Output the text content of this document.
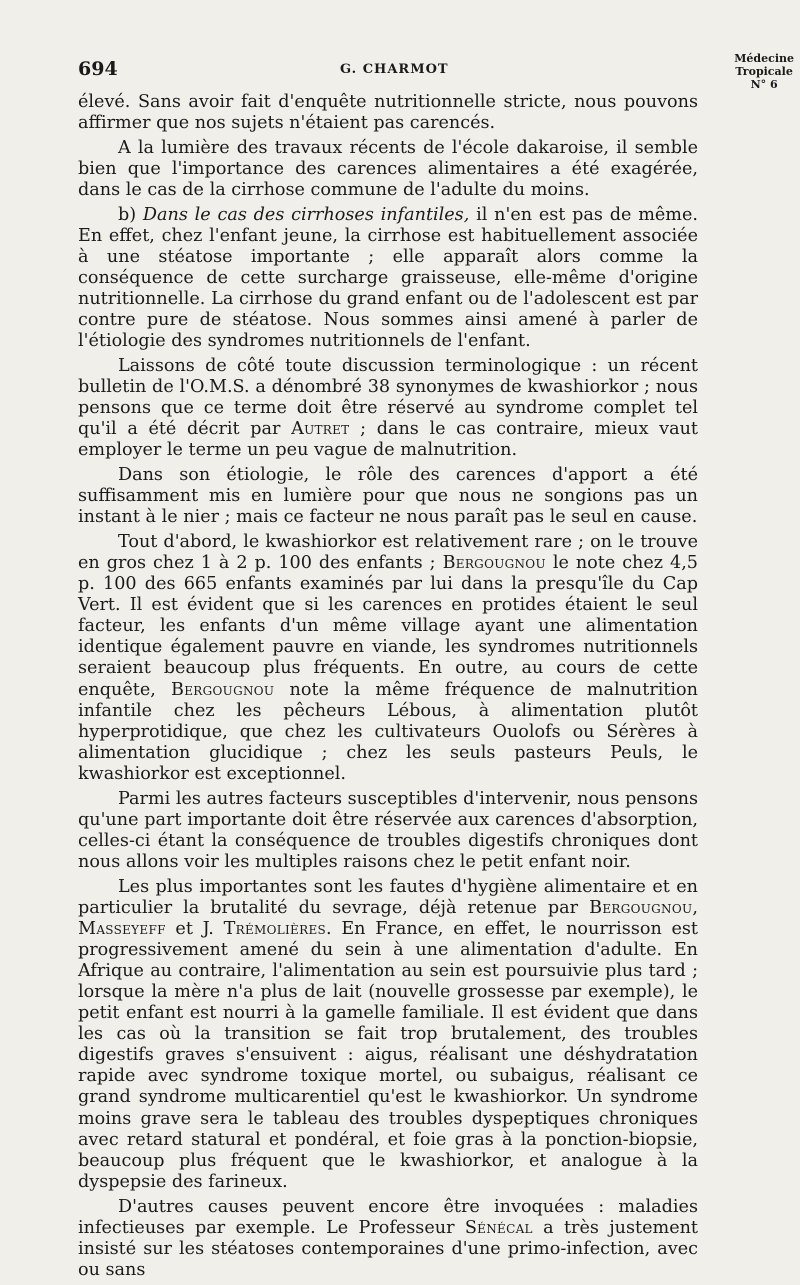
694	G. CHARMOT
Médecine
Tropicale
N° 6

élevé. Sans avoir fait d'enquête nutritionnelle stricte, nous pouvons affirmer que nos sujets n'étaient pas carencés.

A la lumière des travaux récents de l'école dakaroise, il semble bien que l'importance des carences alimentaires a été exagérée, dans le cas de la cirrhose commune de l'adulte du moins.

b) Dans le cas des cirrhoses infantiles, il n'en est pas de même. En effet, chez l'enfant jeune, la cirrhose est habituellement associée à une stéatose importante ; elle apparaît alors comme la conséquence de cette surcharge graisseuse, elle-même d'origine nutritionnelle. La cirrhose du grand enfant ou de l'adolescent est par contre pure de stéatose. Nous sommes ainsi amené à parler de l'étiologie des syndromes nutritionnels de l'enfant.

Laissons de côté toute discussion terminologique : un récent bulletin de l'O.M.S. a dénombré 38 synonymes de kwashiorkor ; nous pensons que ce terme doit être réservé au syndrome complet tel qu'il a été décrit par Autret ; dans le cas contraire, mieux vaut employer le terme un peu vague de malnutrition.

Dans son étiologie, le rôle des carences d'apport a été suffisamment mis en lumière pour que nous ne songions pas un instant à le nier ; mais ce facteur ne nous paraît pas le seul en cause.

Tout d'abord, le kwashiorkor est relativement rare ; on le trouve en gros chez 1 à 2 p. 100 des enfants ; Bergougnou le note chez 4,5 p. 100 des 665 enfants examinés par lui dans la presqu'île du Cap Vert. Il est évident que si les carences en protides étaient le seul facteur, les enfants d'un même village ayant une alimentation identique également pauvre en viande, les syndromes nutritionnels seraient beaucoup plus fréquents. En outre, au cours de cette enquête, Bergougnou note la même fréquence de malnutrition infantile chez les pêcheurs Lébous, à alimentation plutôt hyperprotidique, que chez les cultivateurs Ouolofs ou Sérères à alimentation glucidique ; chez les seuls pasteurs Peuls, le kwashiorkor est exceptionnel.

Parmi les autres facteurs susceptibles d'intervenir, nous pensons qu'une part importante doit être réservée aux carences d'absorption, celles-ci étant la conséquence de troubles digestifs chroniques dont nous allons voir les multiples raisons chez le petit enfant noir.

Les plus importantes sont les fautes d'hygiène alimentaire et en particulier la brutalité du sevrage, déjà retenue par Bergougnou, Masseyeff et J. Trémolières. En France, en effet, le nourrisson est progressivement amené du sein à une alimentation d'adulte. En Afrique au contraire, l'alimentation au sein est poursuivie plus tard ; lorsque la mère n'a plus de lait (nouvelle grossesse par exemple), le petit enfant est nourri à la gamelle familiale. Il est évident que dans les cas où la transition se fait trop brutalement, des troubles digestifs graves s'ensuivent : aigus, réalisant une déshydratation rapide avec syndrome toxique mortel, ou subaigus, réalisant ce grand syndrome multicarentiel qu'est le kwashiorkor. Un syndrome moins grave sera le tableau des troubles dyspeptiques chroniques avec retard statural et pondéral, et foie gras à la ponction-biopsie, beaucoup plus fréquent que le kwashiorkor, et analogue à la dyspepsie des farineux.

D'autres causes peuvent encore être invoquées : maladies infectieuses par exemple. Le Professeur Sénécal a très justement insisté sur les stéatoses contemporaines d'une primo-infection, avec ou sans
